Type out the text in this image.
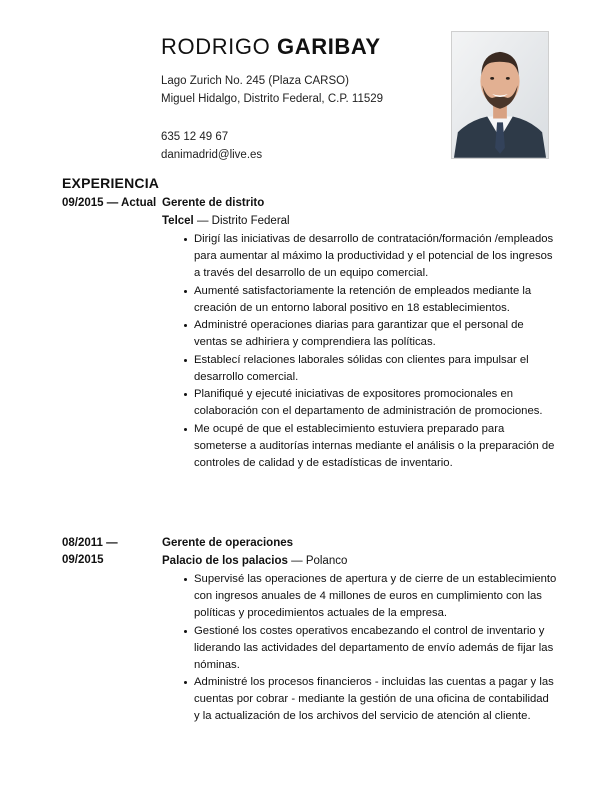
RODRIGO GARIBAY

Lago Zurich No. 245 (Plaza CARSO)

Miguel Hidalgo, Distrito Federal, C.P. 11529

635 12 49 67

danimadrid@live.es

EXPERIENCIA
09/2015 — Actual Gerente de distrito

Telcel — Distrito Federal

Dirigí las iniciativas de desarrollo de contratación/formación /empleados para aumentar al máximo la productividad y el potencial de los ingresos a través del desarrollo de un equipo comercial.
Aumenté satisfactoriamente la retención de empleados mediante la creación de un entorno laboral positivo en 18 establecimientos.
Administré operaciones diarias para garantizar que el personal de ventas se adhiriera y comprendiera las políticas.
Establecí relaciones laborales sólidas con clientes para impulsar el desarrollo comercial.
Planifiqué y ejecuté iniciativas de expositores promocionales en colaboración con el departamento de administración de promociones.
Me ocupé de que el establecimiento estuviera preparado para someterse a auditorías internas mediante el análisis o la preparación de controles de calidad y de estadísticas de inventario.
08/2011 —
09/2015

Gerente de operaciones

Palacio de los palacios — Polanco

Supervisé las operaciones de apertura y de cierre de un establecimiento con ingresos anuales de 4 millones de euros en cumplimiento con las políticas y procedimientos actuales de la empresa.
Gestioné los costes operativos encabezando el control de inventario y liderando las actividades del departamento de envío además de fijar las nóminas.
Administré los procesos financieros - incluidas las cuentas a pagar y las cuentas por cobrar - mediante la gestión de una oficina de contabilidad y la actualización de los archivos del servicio de atención al cliente.
